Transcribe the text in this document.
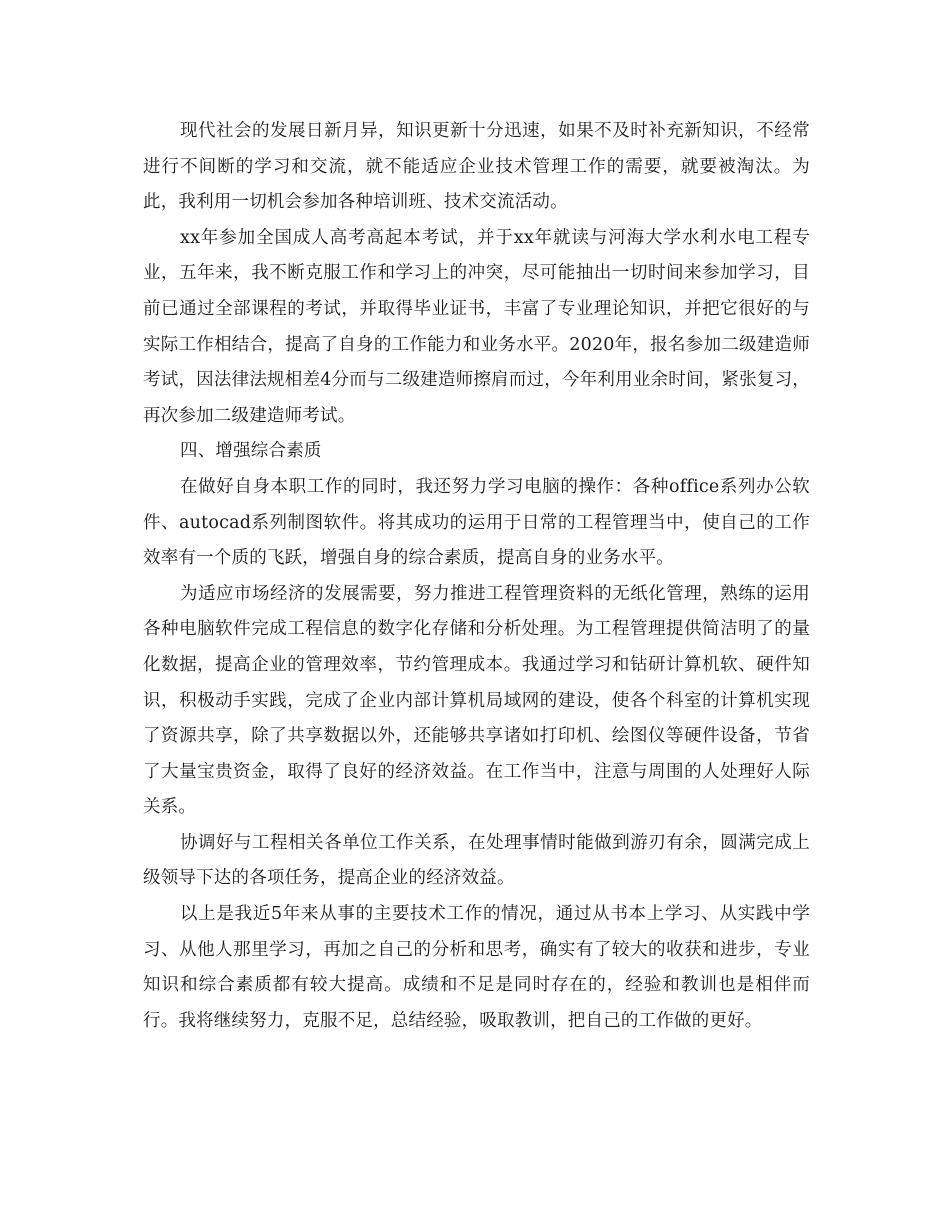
现代社会的发展日新月异，知识更新十分迅速，如果不及时补充新知识，不经常进行不间断的学习和交流，就不能适应企业技术管理工作的需要，就要被淘汰。为此，我利用一切机会参加各种培训班、技术交流活动。

xx年参加全国成人高考高起本考试，并于xx年就读与河海大学水利水电工程专业，五年来，我不断克服工作和学习上的冲突，尽可能抽出一切时间来参加学习，目前已通过全部课程的考试，并取得毕业证书，丰富了专业理论知识，并把它很好的与实际工作相结合，提高了自身的工作能力和业务水平。2020年，报名参加二级建造师考试，因法律法规相差4分而与二级建造师擦肩而过，今年利用业余时间，紧张复习，再次参加二级建造师考试。

四、增强综合素质

在做好自身本职工作的同时，我还努力学习电脑的操作：各种office系列办公软件、autocad系列制图软件。将其成功的运用于日常的工程管理当中，使自己的工作效率有一个质的飞跃，增强自身的综合素质，提高自身的业务水平。

为适应市场经济的发展需要，努力推进工程管理资料的无纸化管理，熟练的运用各种电脑软件完成工程信息的数字化存储和分析处理。为工程管理提供简洁明了的量化数据，提高企业的管理效率，节约管理成本。我通过学习和钻研计算机软、硬件知识，积极动手实践，完成了企业内部计算机局域网的建设，使各个科室的计算机实现了资源共享，除了共享数据以外，还能够共享诸如打印机、绘图仪等硬件设备，节省了大量宝贵资金，取得了良好的经济效益。在工作当中，注意与周围的人处理好人际关系。

协调好与工程相关各单位工作关系，在处理事情时能做到游刃有余，圆满完成上级领导下达的各项任务，提高企业的经济效益。

以上是我近5年来从事的主要技术工作的情况，通过从书本上学习、从实践中学习、从他人那里学习，再加之自己的分析和思考，确实有了较大的收获和进步，专业知识和综合素质都有较大提高。成绩和不足是同时存在的，经验和教训也是相伴而行。我将继续努力，克服不足，总结经验，吸取教训，把自己的工作做的更好。
